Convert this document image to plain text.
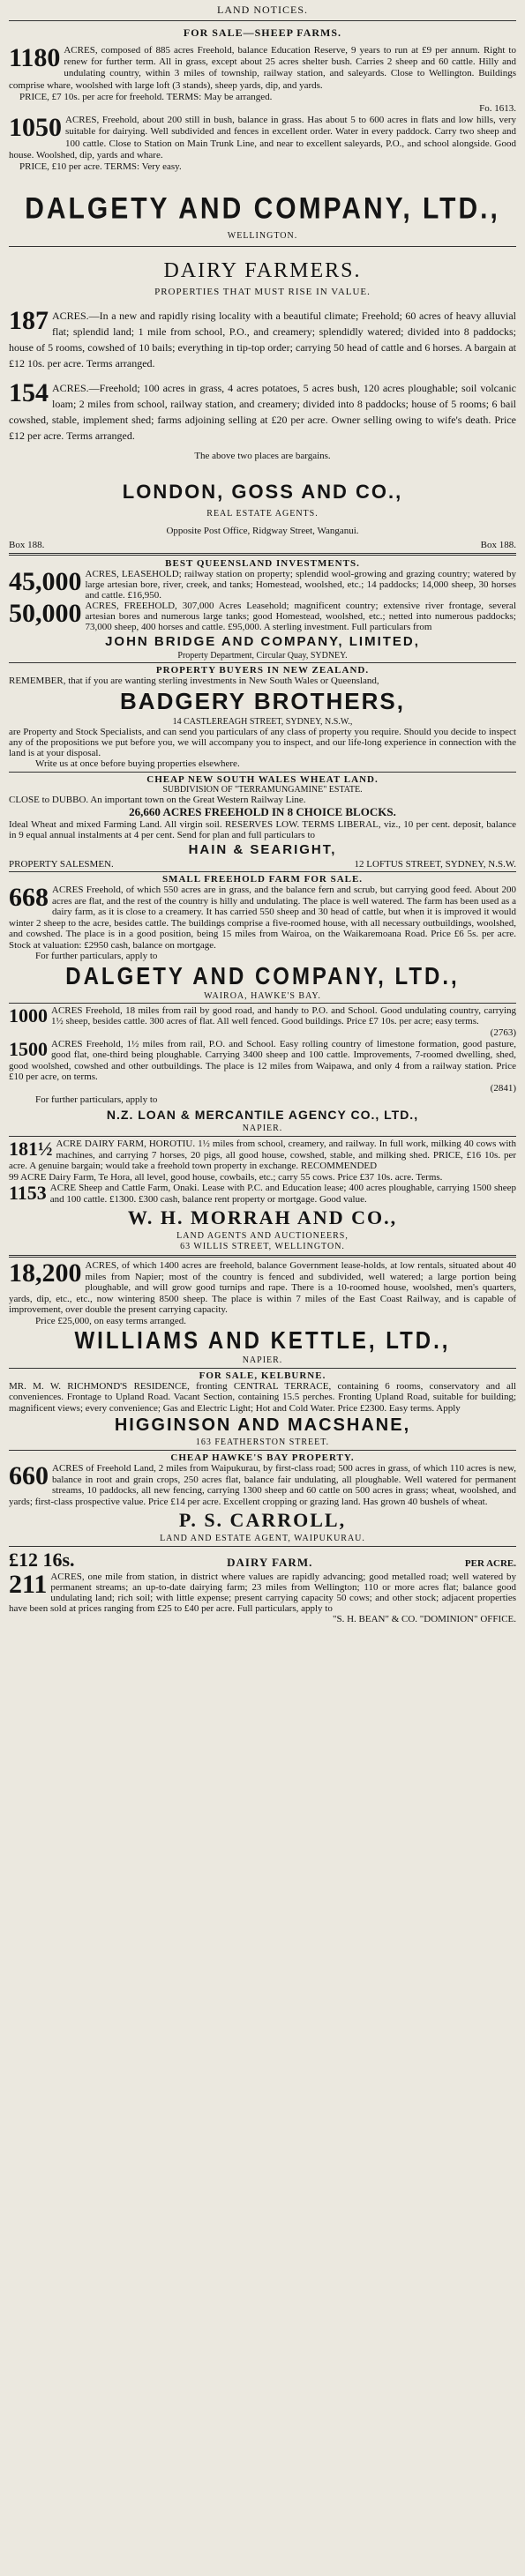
LAND NOTICES.
FOR SALE—SHEEP FARMS.

1180 ACRES, composed of 885 acres Freehold, balance Education Reserve, 9 years to run at £9 per annum. Right to renew for further term. All in grass, except about 25 acres shelter bush. Carries 2 sheep and 60 cattle. Hilly and undulating country, within 3 miles of township, railway station, and saleyards. Close to Wellington. Buildings comprise whare, woolshed with large loft (3 stands), sheep yards, dip, and yards.

PRICE, £7 10s. per acre for freehold. TERMS: May be arranged.

Fo. 1613.

1050 ACRES, Freehold, about 200 still in bush, balance in grass. Has about 5 to 600 acres in flats and low hills, very suitable for dairying. Well subdivided and fences in excellent order. Water in every paddock. Carry two sheep and 100 cattle. Close to Station on Main Trunk Line, and near to excellent saleyards, P.O., and school alongside. Good house. Woolshed, dip, yards and whare.

PRICE, £10 per acre. TERMS: Very easy.

DALGETY AND COMPANY, LTD.,
WELLINGTON.
DAIRY FARMERS.
PROPERTIES THAT MUST RISE IN VALUE.

187 ACRES.—In a new and rapidly rising locality with a beautiful climate; Freehold; 60 acres of heavy alluvial flat; splendid land; 1 mile from school, P.O., and creamery; splendidly watered; divided into 8 paddocks; house of 5 rooms, cowshed of 10 bails; everything in tip-top order; carrying 50 head of cattle and 6 horses. A bargain at £12 10s. per acre. Terms arranged.

154 ACRES.—Freehold; 100 acres in grass, 4 acres potatoes, 5 acres bush, 120 acres ploughable; soil volcanic loam; 2 miles from school, railway station, and creamery; divided into 8 paddocks; house of 5 rooms; 6 bail cowshed, stable, implement shed; farms adjoining selling at £20 per acre. Owner selling owing to wife's death. Price £12 per acre. Terms arranged.

The above two places are bargains.
LONDON, GOSS AND CO.,
REAL ESTATE AGENTS.
Opposite Post Office, Ridgway Street, Wanganui.
Box 188.	Box 188.
BEST QUEENSLAND INVESTMENTS.

45,000 ACRES, LEASEHOLD; railway station on property; splendid wool-growing and grazing country; watered by large artesian bore, river, creek, and tanks; Homestead, woolshed, etc.; 14 paddocks; 14,000 sheep, 30 horses and cattle. £16,950.

50,000 ACRES, FREEHOLD, 307,000 Acres Leasehold; magnificent country; extensive river frontage, several artesian bores and numerous large tanks; good Homestead, woolshed, etc.; netted into numerous paddocks; 73,000 sheep, 400 horses and cattle. £95,000. A sterling investment. Full particulars from

JOHN BRIDGE AND COMPANY, LIMITED,
Property Department, Circular Quay, SYDNEY.
PROPERTY BUYERS IN NEW ZEALAND.

REMEMBER, that if you are wanting sterling investments in New South Wales or Queensland,

BADGERY BROTHERS,
14 CASTLEREAGH STREET, SYDNEY, N.S.W.,

are Property and Stock Specialists, and can send you particulars of any class of property you require. Should you decide to inspect any of the propositions we put before you, we will accompany you to inspect, and our life-long experience in connection with the land is at your disposal.

Write us at once before buying properties elsewhere.

CHEAP NEW SOUTH WALES WHEAT LAND.
SUBDIVISION OF "TERRAMUNGAMINE" ESTATE.

CLOSE to DUBBO. An important town on the Great Western Railway Line.

26,660 ACRES FREEHOLD IN 8 CHOICE BLOCKS.

Ideal Wheat and mixed Farming Land. All virgin soil. RESERVES LOW. TERMS LIBERAL, viz., 10 per cent. deposit, balance in 9 equal annual instalments at 4 per cent. Send for plan and full particulars to

HAIN & SEARIGHT,
PROPERTY SALESMEN.	12 LOFTUS STREET, SYDNEY, N.S.W.
SMALL FREEHOLD FARM FOR SALE.

668 ACRES Freehold, of which 550 acres are in grass, and the balance fern and scrub, but carrying good feed. About 200 acres are flat, and the rest of the country is hilly and undulating. The place is well watered. The farm has been used as a dairy farm, as it is close to a creamery. It has carried 550 sheep and 30 head of cattle, but when it is improved it would winter 2 sheep to the acre, besides cattle. The buildings comprise a five-roomed house, with all necessary outbuildings, woolshed, and cowshed. The place is in a good position, being 15 miles from Wairoa, on the Waikaremoana Road. Price £6 5s. per acre. Stock at valuation: £2950 cash, balance on mortgage.

For further particulars, apply to

DALGETY AND COMPANY, LTD.,
WAIROA, HAWKE'S BAY.

1000 ACRES Freehold, 18 miles from rail by good road, and handy to P.O. and School. Good undulating country, carrying 1½ sheep, besides cattle. 300 acres of flat. All well fenced. Good buildings. Price £7 10s. per acre; easy terms.

(2763)

1500 ACRES Freehold, 1½ miles from rail, P.O. and School. Easy rolling country of limestone formation, good pasture, good flat, one-third being ploughable. Carrying 3400 sheep and 100 cattle. Improvements, 7-roomed dwelling, shed, good woolshed, cowshed and other outbuildings. The place is 12 miles from Waipawa, and only 4 from a railway station. Price £10 per acre, on terms.

(2841)

For further particulars, apply to

N.Z. LOAN & MERCANTILE AGENCY CO., LTD.,
NAPIER.

181½ ACRE DAIRY FARM, HOROTIU. 1½ miles from school, creamery, and railway. In full work, milking 40 cows with machines, and carrying 7 horses, 20 pigs, all good house, cowshed, stable, and milking shed. PRICE, £16 10s. per acre. A genuine bargain; would take a freehold town property in exchange. RECOMMENDED

99 ACRE Dairy Farm, Te Hora, all level, good house, cowbails, etc.; carry 55 cows. Price £37 10s. acre. Terms.

1153 ACRE Sheep and Cattle Farm, Onaki. Lease with P.C. and Education lease; 400 acres ploughable, carrying 1500 sheep and 100 cattle. £1300. £300 cash, balance rent property or mortgage. Good value.

W. H. MORRAH AND CO.,
LAND AGENTS AND AUCTIONEERS,
63 WILLIS STREET, WELLINGTON.

18,200 ACRES, of which 1400 acres are freehold, balance Government lease-holds, at low rentals, situated about 40 miles from Napier; most of the country is fenced and subdivided, well watered; a large portion being ploughable, and will grow good turnips and rape. There is a 10-roomed house, woolshed, men's quarters, yards, dip, etc., etc., now wintering 8500 sheep. The place is within 7 miles of the East Coast Railway, and is capable of improvement, over double the present carrying capacity.

Price £25,000, on easy terms arranged.

WILLIAMS AND KETTLE, LTD.,
NAPIER.
FOR SALE, KELBURNE.

MR. M. W. RICHMOND'S RESIDENCE, fronting CENTRAL TERRACE, containing 6 rooms, conservatory and all conveniences. Frontage to Upland Road. Vacant Section, containing 15.5 perches. Fronting Upland Road, suitable for building; magnificent views; every convenience; Gas and Electric Light; Hot and Cold Water. Price £2300. Easy terms. Apply

HIGGINSON AND MACSHANE,
163 FEATHERSTON STREET.
CHEAP HAWKE'S BAY PROPERTY.

660 ACRES of Freehold Land, 2 miles from Waipukurau, by first-class road; 500 acres in grass, of which 110 acres is new, balance in root and grain crops, 250 acres flat, balance fair undulating, all ploughable. Well watered for permanent streams, 10 paddocks, all new fencing, carrying 1300 sheep and 60 cattle on 500 acres in grass; wheat, woolshed, and yards; first-class prospective value. Price £14 per acre. Excellent cropping or grazing land. Has grown 40 bushels of wheat.

P. S. CARROLL,
LAND AND ESTATE AGENT, WAIPUKURAU.
£12 16s.	DAIRY FARM.	PER ACRE.

211 ACRES, one mile from station, in district where values are rapidly advancing; good metalled road; well watered by permanent streams; an up-to-date dairying farm; 23 miles from Wellington; 110 or more acres flat; balance good undulating land; rich soil; with little expense; present carrying capacity 50 cows; and other stock; adjacent properties have been sold at prices ranging from £25 to £40 per acre. Full particulars, apply to

"S. H. BEAN" & CO. "DOMINION" OFFICE.
